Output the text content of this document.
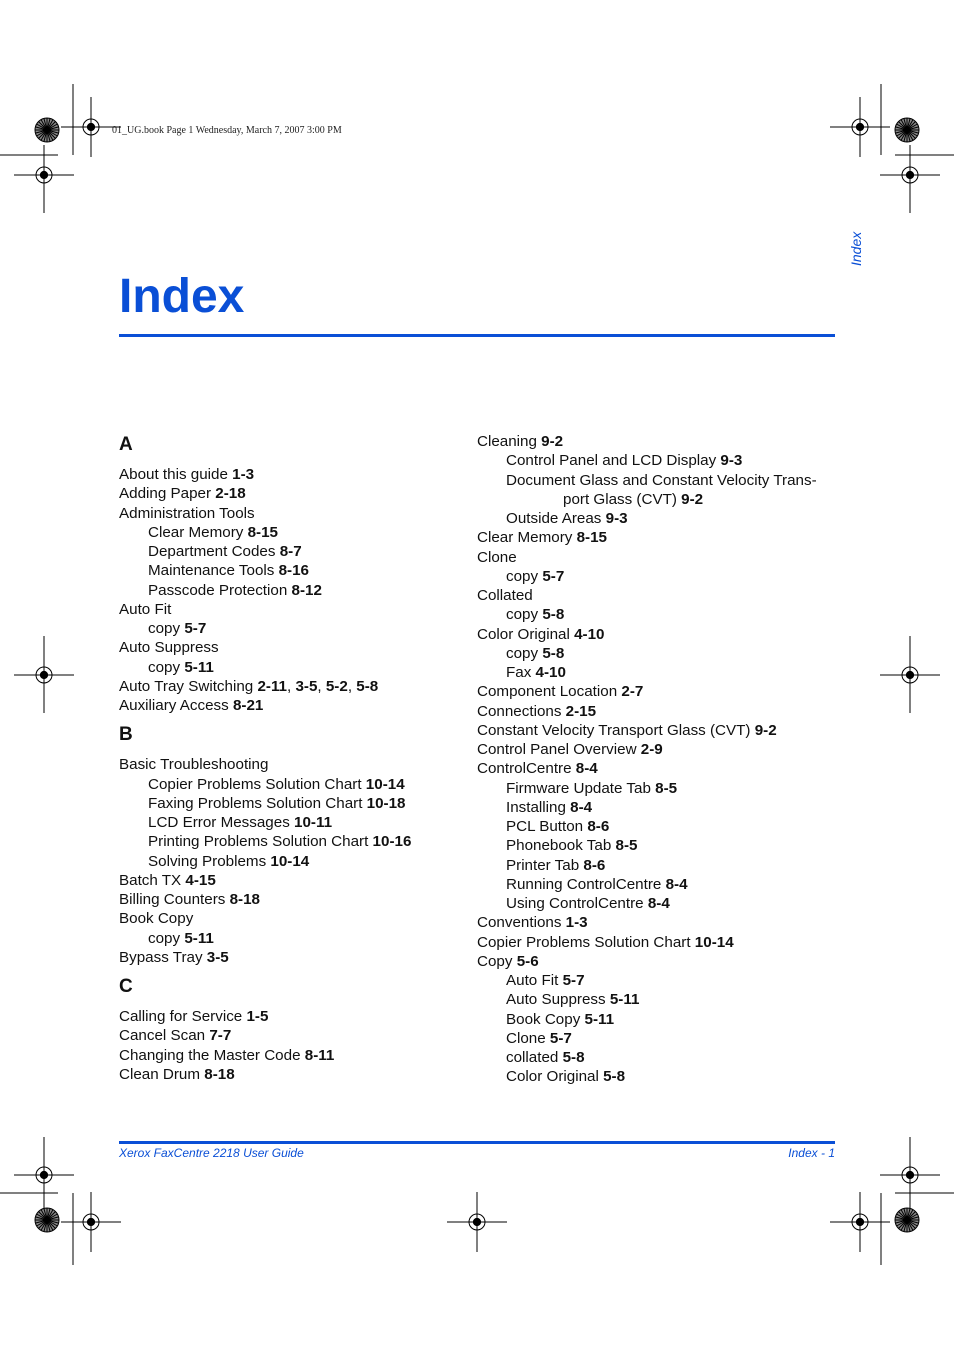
01_UG.book Page 1 Wednesday, March 7, 2007 3:00 PM
Index
Index
A
About this guide 1-3
Adding Paper 2-18
Administration Tools
Clear Memory 8-15
Department Codes 8-7
Maintenance Tools 8-16
Passcode Protection 8-12
Auto Fit
copy 5-7
Auto Suppress
copy 5-11
Auto Tray Switching 2-11, 3-5, 5-2, 5-8
Auxiliary Access 8-21
B
Basic Troubleshooting
Copier Problems Solution Chart 10-14
Faxing Problems Solution Chart 10-18
LCD Error Messages 10-11
Printing Problems Solution Chart 10-16
Solving Problems 10-14
Batch TX 4-15
Billing Counters 8-18
Book Copy
copy 5-11
Bypass Tray 3-5
C
Calling for Service 1-5
Cancel Scan 7-7
Changing the Master Code 8-11
Clean Drum 8-18
Cleaning 9-2
Control Panel and LCD Display 9-3
Document Glass and Constant Velocity Trans-
port Glass (CVT) 9-2
Outside Areas 9-3
Clear Memory 8-15
Clone
copy 5-7
Collated
copy 5-8
Color Original 4-10
copy 5-8
Fax 4-10
Component Location 2-7
Connections 2-15
Constant Velocity Transport Glass (CVT) 9-2
Control Panel Overview 2-9
ControlCentre 8-4
Firmware Update Tab 8-5
Installing 8-4
PCL Button 8-6
Phonebook Tab 8-5
Printer Tab 8-6
Running ControlCentre 8-4
Using ControlCentre 8-4
Conventions 1-3
Copier Problems Solution Chart 10-14
Copy 5-6
Auto Fit 5-7
Auto Suppress 5-11
Book Copy 5-11
Clone 5-7
collated 5-8
Color Original 5-8
Xerox FaxCentre 2218 User Guide	Index - 1
